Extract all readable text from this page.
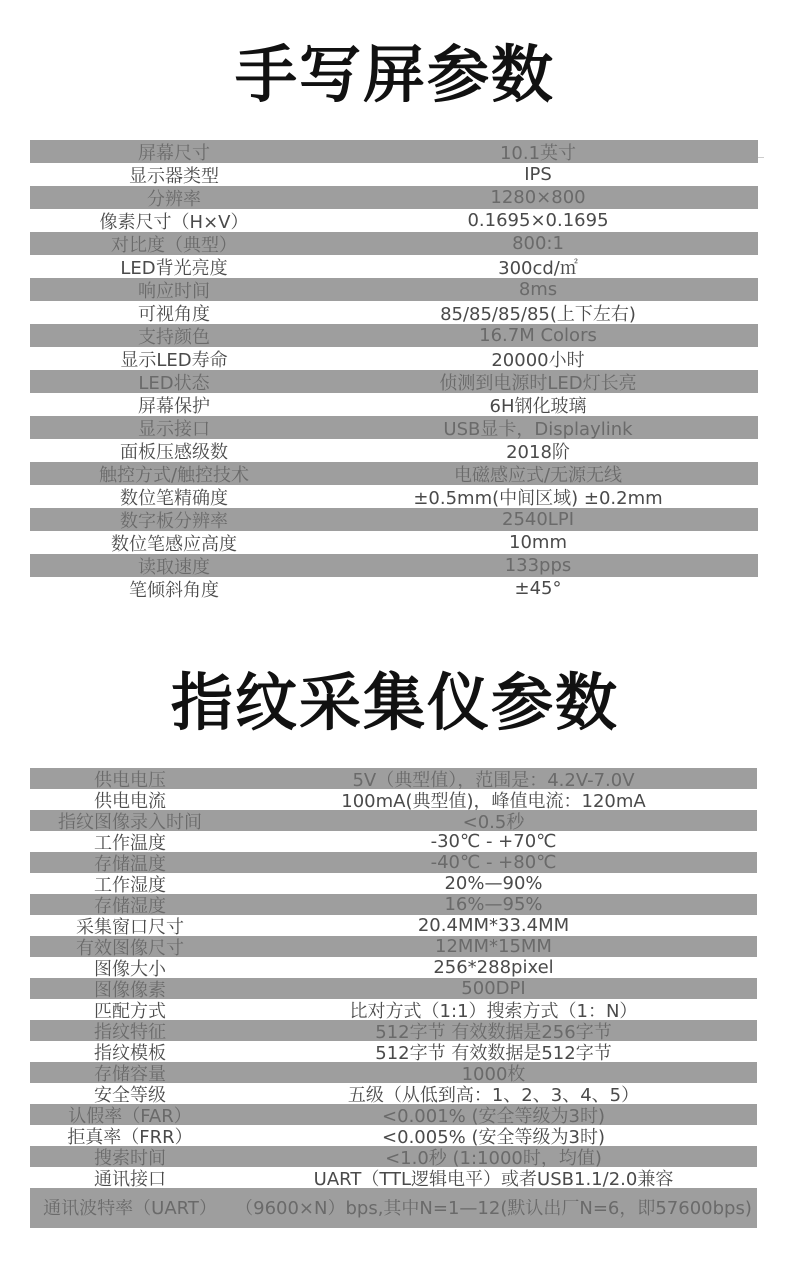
手写屏参数
屏幕尺寸	10.1英寸
显示器类型	IPS
分辨率	1280×800
像素尺寸（H×V）	0.1695×0.1695
对比度（典型）	800:1
LED背光亮度	300cd/㎡
响应时间	8ms
可视角度	85/85/85/85(上下左右)
支持颜色	16.7M Colors
显示LED寿命	20000小时
LED状态	侦测到电源时LED灯长亮
屏幕保护	6H钢化玻璃
显示接口	USB显卡，Displaylink
面板压感级数	2018阶
触控方式/触控技术	电磁感应式/无源无线
数位笔精确度	±0.5mm(中间区域) ±0.2mm
数字板分辨率	2540LPI
数位笔感应高度	10mm
读取速度	133pps
笔倾斜角度	±45°
指纹采集仪参数
供电电压	5V（典型值），范围是：4.2V-7.0V
供电电流	100mA(典型值)，峰值电流：120mA
指纹图像录入时间	<0.5秒
工作温度	-30℃ - +70℃
存储温度	-40℃ - +80℃
工作湿度	20%—90%
存储湿度	16%—95%
采集窗口尺寸	20.4MM*33.4MM
有效图像尺寸	12MM*15MM
图像大小	256*288pixel
图像像素	500DPI
匹配方式	比对方式（1:1）搜索方式（1：N）
指纹特征	512字节 有效数据是256字节
指纹模板	512字节 有效数据是512字节
存储容量	1000枚
安全等级	五级（从低到高：1、2、3、4、5）
认假率（FAR）	<0.001% (安全等级为3时)
拒真率（FRR）	<0.005% (安全等级为3时)
搜索时间	<1.0秒 (1:1000时，均值)
通讯接口	UART（TTL逻辑电平）或者USB1.1/2.0兼容
通讯波特率（UART）	（9600×N）bps,其中N=1—12(默认出厂N=6，即57600bps)
